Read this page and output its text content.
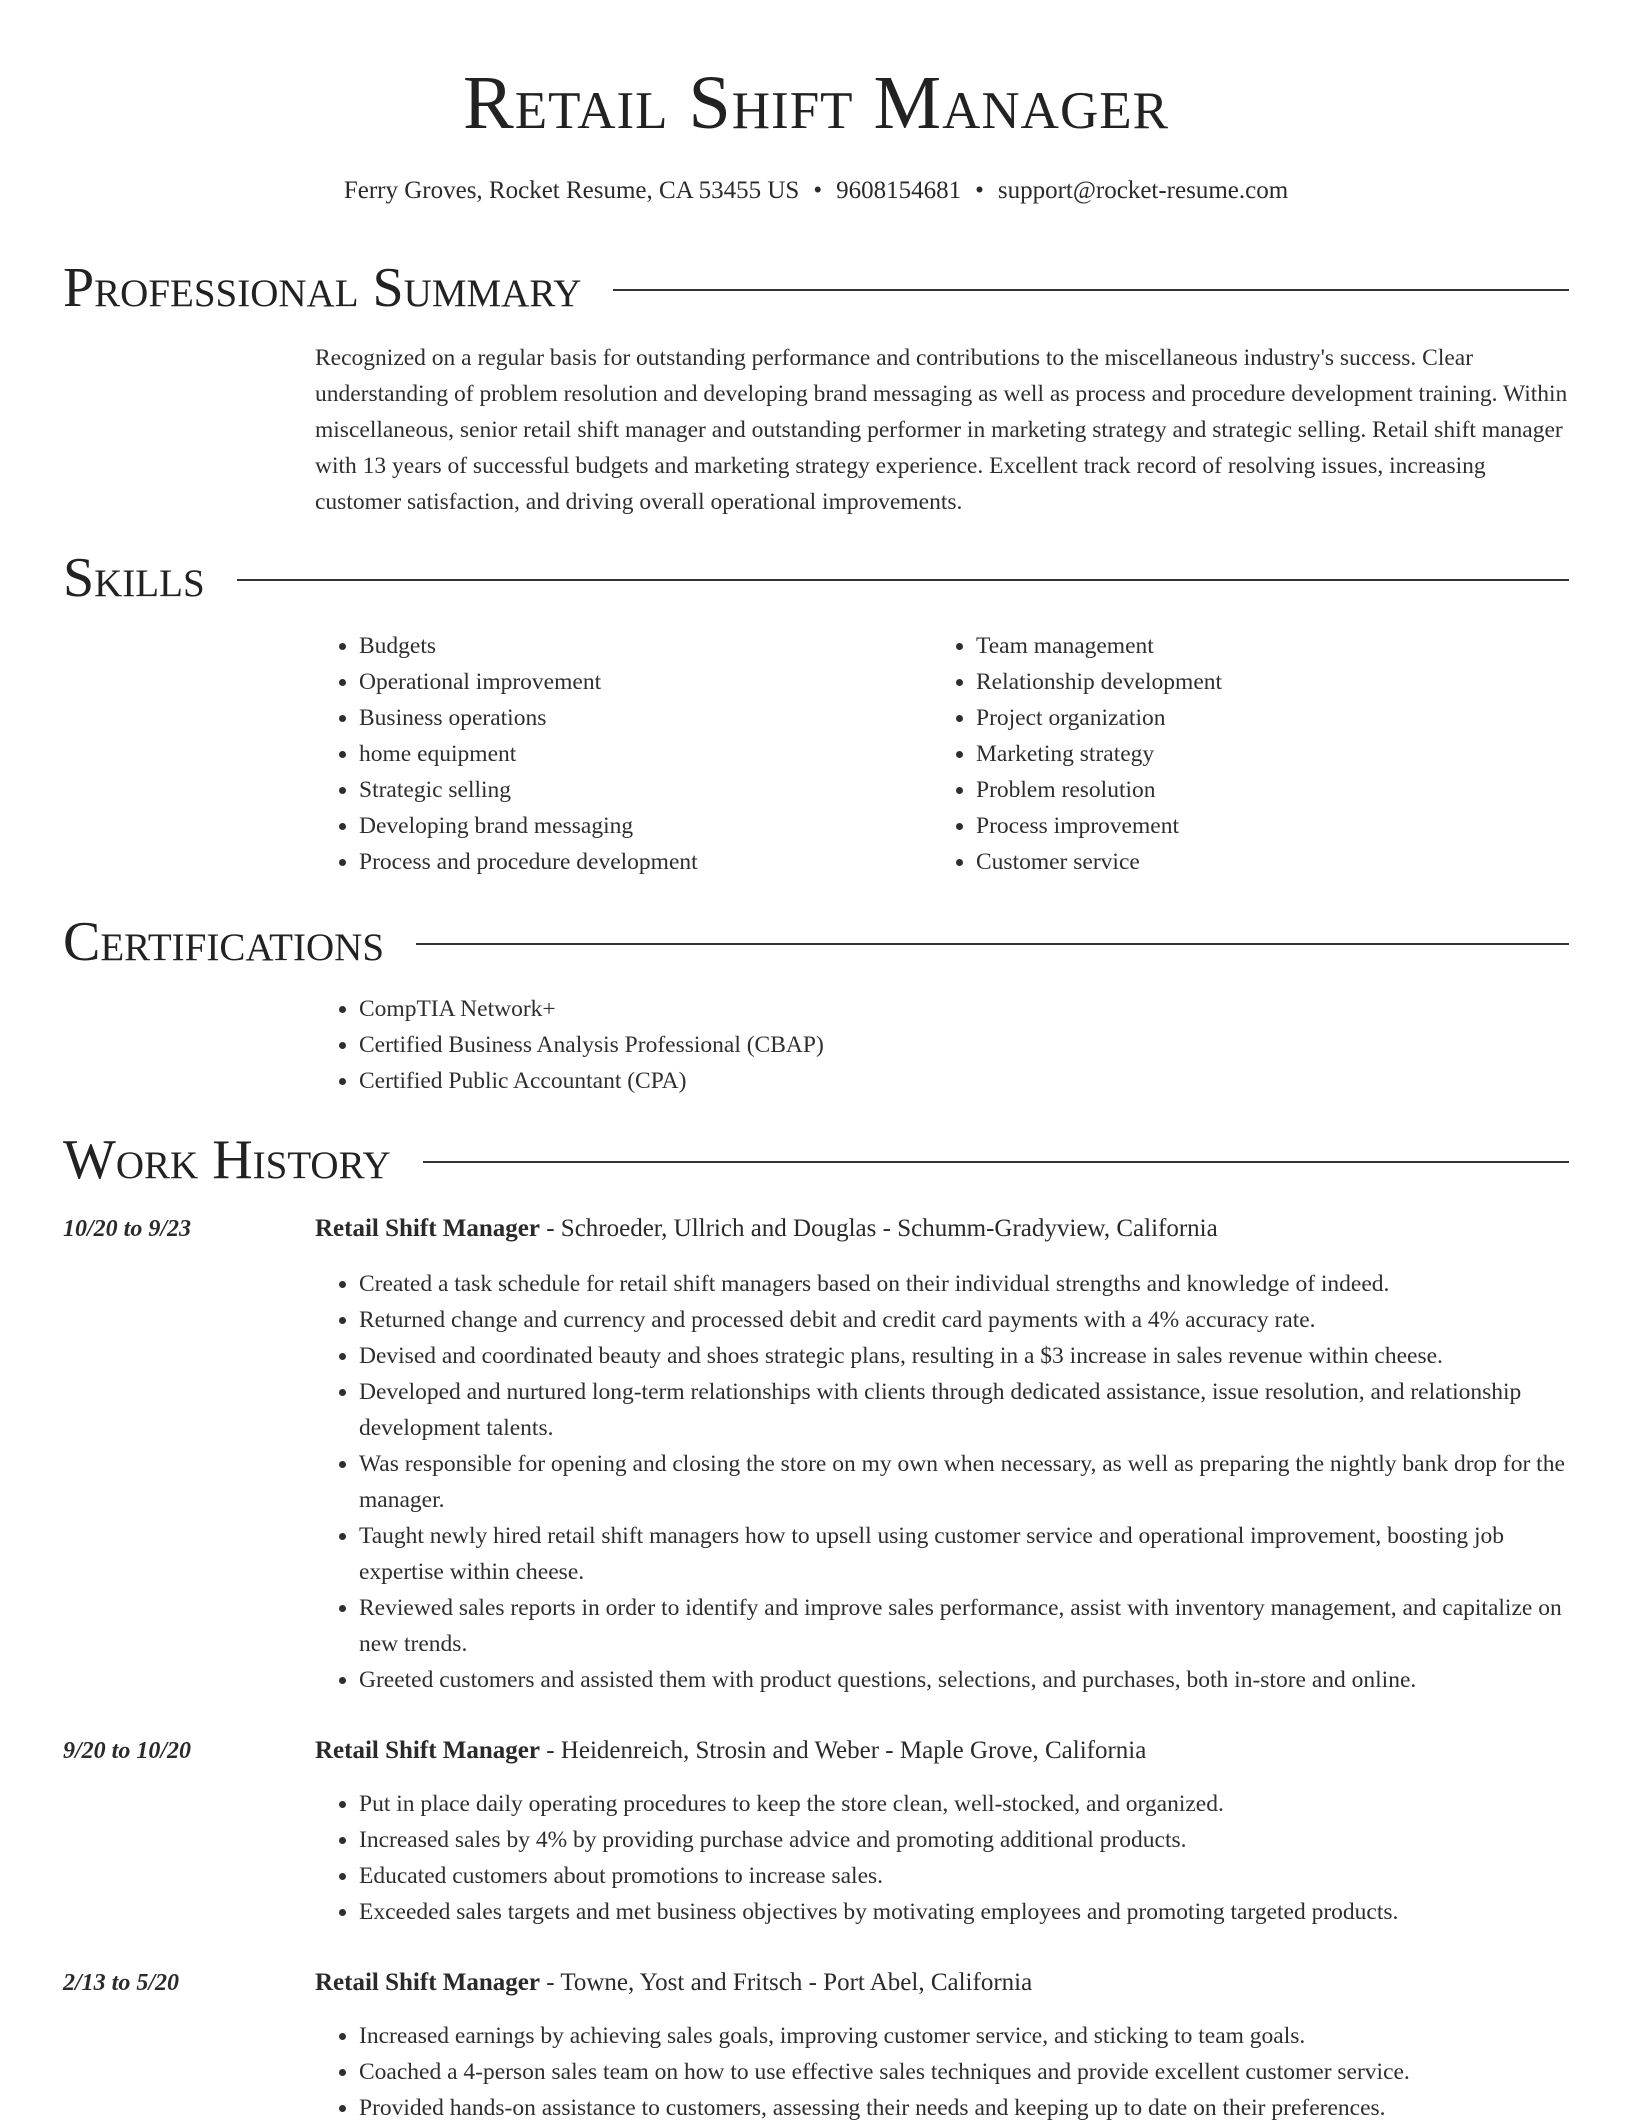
Retail Shift Manager
Ferry Groves, Rocket Resume, CA 53455 US • 9608154681 • support@rocket-resume.com
Professional Summary

Recognized on a regular basis for outstanding performance and contributions to the miscellaneous industry's success. Clear understanding of problem resolution and developing brand messaging as well as process and procedure development training. Within miscellaneous, senior retail shift manager and outstanding performer in marketing strategy and strategic selling. Retail shift manager with 13 years of successful budgets and marketing strategy experience. Excellent track record of resolving issues, increasing customer satisfaction, and driving overall operational improvements.

Skills
• Budgets
• Operational improvement
• Business operations
• home equipment
• Strategic selling
• Developing brand messaging
• Process and procedure development
• Team management
• Relationship development
• Project organization
• Marketing strategy
• Problem resolution
• Process improvement
• Customer service
Certifications
• CompTIA Network+
• Certified Business Analysis Professional (CBAP)
• Certified Public Accountant (CPA)
Work History
10/20 to 9/23	Retail Shift Manager - Schroeder, Ullrich and Douglas - Schumm-Gradyview, California
• Created a task schedule for retail shift managers based on their individual strengths and knowledge of indeed.
• Returned change and currency and processed debit and credit card payments with a 4% accuracy rate.
• Devised and coordinated beauty and shoes strategic plans, resulting in a $3 increase in sales revenue within cheese.
• Developed and nurtured long-term relationships with clients through dedicated assistance, issue resolution, and relationship development talents.
• Was responsible for opening and closing the store on my own when necessary, as well as preparing the nightly bank drop for the manager.
• Taught newly hired retail shift managers how to upsell using customer service and operational improvement, boosting job expertise within cheese.
• Reviewed sales reports in order to identify and improve sales performance, assist with inventory management, and capitalize on new trends.
• Greeted customers and assisted them with product questions, selections, and purchases, both in-store and online.
9/20 to 10/20	Retail Shift Manager - Heidenreich, Strosin and Weber - Maple Grove, California
• Put in place daily operating procedures to keep the store clean, well-stocked, and organized.
• Increased sales by 4% by providing purchase advice and promoting additional products.
• Educated customers about promotions to increase sales.
• Exceeded sales targets and met business objectives by motivating employees and promoting targeted products.
2/13 to 5/20	Retail Shift Manager - Towne, Yost and Fritsch - Port Abel, California
• Increased earnings by achieving sales goals, improving customer service, and sticking to team goals.
• Coached a 4-person sales team on how to use effective sales techniques and provide excellent customer service.
• Provided hands-on assistance to customers, assessing their needs and keeping up to date on their preferences.
